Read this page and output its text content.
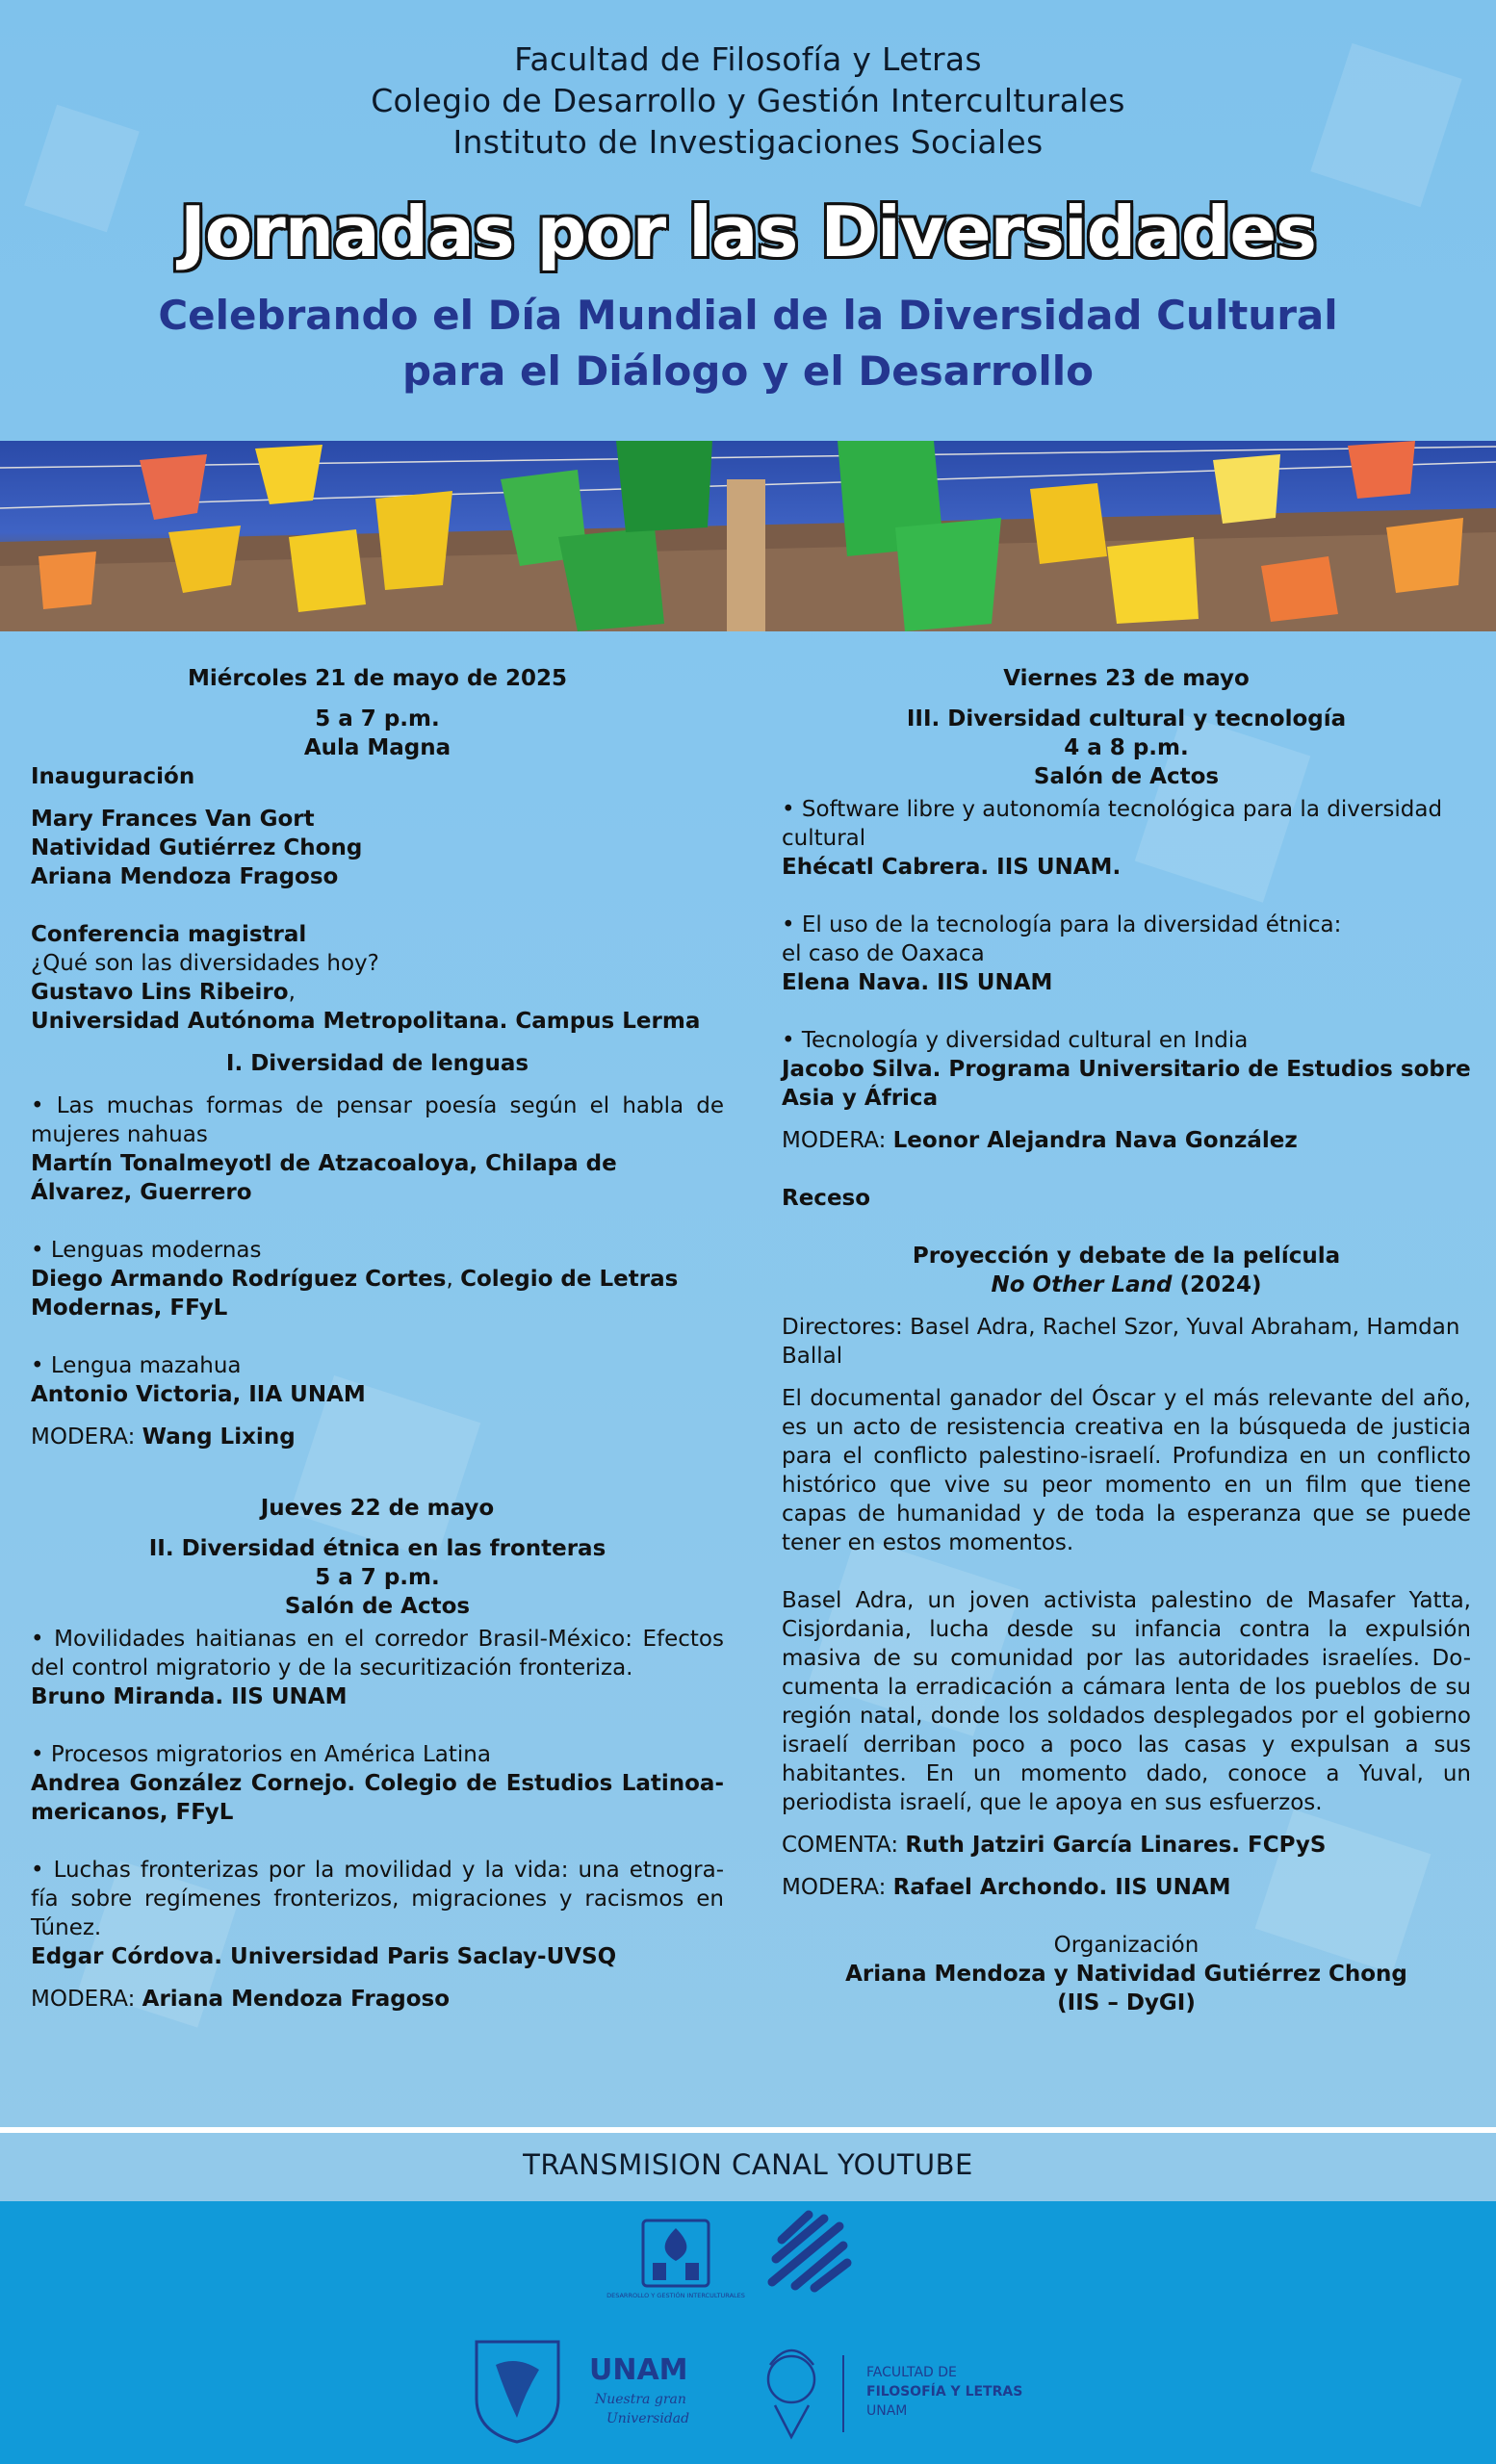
Facultad de Filosofía y Letras
Colegio de Desarrollo y Gestión Interculturales
Instituto de Investigaciones Sociales
Jornadas por las Diversidades
Celebrando el Día Mundial de la Diversidad Cultural
para el Diálogo y el Desarrollo
Miércoles 21 de mayo de 2025
5 a 7 p.m.
Aula Magna
Inauguración
Mary Frances Van Gort
Natividad Gutiérrez Chong
Ariana Mendoza Fragoso
Conferencia magistral
¿Qué son las diversidades hoy?
Gustavo Lins Ribeiro,
Universidad Autónoma Metropolitana. Campus Lerma
I. Diversidad de lenguas
• Las muchas formas de pensar poesía según el habla de mujeres nahuas
Martín Tonalmeyotl de Atzacoaloya, Chilapa de Álvarez, Guerrero
• Lenguas modernas
Diego Armando Rodríguez Cortes, Colegio de Letras Modernas, FFyL
• Lengua mazahua
Antonio Victoria, IIA UNAM
MODERA: Wang Lixing
Jueves 22 de mayo
II. Diversidad étnica en las fronteras
5 a 7 p.m.
Salón de Actos
• Movilidades haitianas en el corredor Brasil-México: Efectos del control migratorio y de la securitización fronteriza.
Bruno Miranda. IIS UNAM
• Procesos migratorios en América Latina
Andrea González Cornejo. Colegio de Estudios Latinoa-mericanos, FFyL
• Luchas fronterizas por la movilidad y la vida: una etnogra-fía sobre regímenes fronterizos, migraciones y racismos en Túnez.
Edgar Córdova. Universidad Paris Saclay-UVSQ
MODERA: Ariana Mendoza Fragoso
Viernes 23 de mayo
III. Diversidad cultural y tecnología
4 a 8 p.m.
Salón de Actos
• Software libre y autonomía tecnológica para la diversidad cultural
Ehécatl Cabrera. IIS UNAM.
• El uso de la tecnología para la diversidad étnica:
el caso de Oaxaca
Elena Nava. IIS UNAM
• Tecnología y diversidad cultural en India
Jacobo Silva. Programa Universitario de Estudios sobre Asia y África
MODERA: Leonor Alejandra Nava González
Receso
Proyección y debate de la película
No Other Land (2024)
Directores: Basel Adra, Rachel Szor, Yuval Abraham, Hamdan Ballal
El documental ganador del Óscar y el más relevante del año, es un acto de resistencia creativa en la búsqueda de justicia para el conflicto palestino-israelí. Profundiza en un conflicto histórico que vive su peor momento en un film que tiene capas de humanidad y de toda la esperanza que se puede tener en estos momentos.
Basel Adra, un joven activista palestino de Masafer Yatta, Cisjordania, lucha desde su infancia contra la expulsión masiva de su comunidad por las autoridades israelíes. Do-cumenta la erradicación a cámara lenta de los pueblos de su región natal, donde los soldados desplegados por el gobierno israelí derriban poco a poco las casas y expulsan a sus habitantes. En un momento dado, conoce a Yuval, un periodista israelí, que le apoya en sus esfuerzos.
COMENTA: Ruth Jatziri García Linares. FCPyS
MODERA: Rafael Archondo. IIS UNAM
Organización
Ariana Mendoza y Natividad Gutiérrez Chong
(IIS – DyGI)
TRANSMISION CANAL YOUTUBE
DESARROLLO Y GESTIÓN INTERCULTURALES
UNAM
Nuestra gran
Universidad
FACULTAD DE
FILOSOFÍA Y LETRAS
UNAM
